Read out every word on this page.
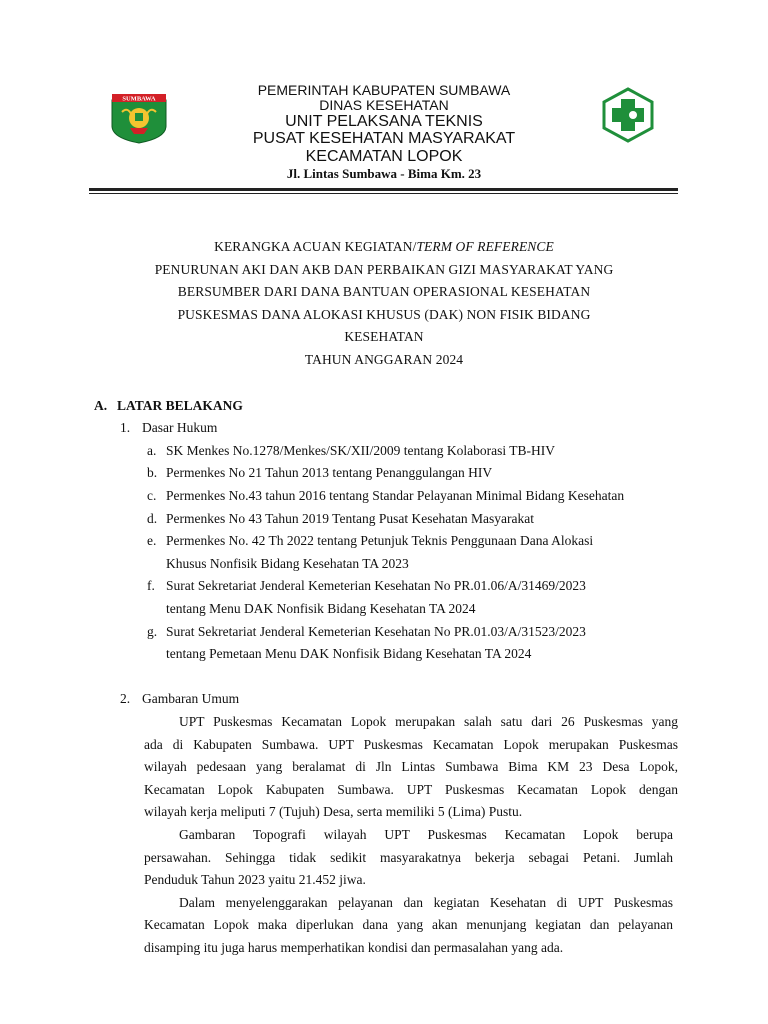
SUMBAWA
PEMERINTAH KABUPATEN SUMBAWA
DINAS KESEHATAN
UNIT PELAKSANA TEKNIS
PUSAT KESEHATAN MASYARAKAT
KECAMATAN LOPOK
Jl. Lintas Sumbawa - Bima Km. 23
KERANGKA ACUAN KEGIATAN/TERM OF REFERENCE
PENURUNAN AKI DAN AKB DAN PERBAIKAN GIZI MASYARAKAT YANG
BERSUMBER DARI DANA BANTUAN OPERASIONAL KESEHATAN
PUSKESMAS DANA ALOKASI KHUSUS (DAK) NON FISIK BIDANG
KESEHATAN
TAHUN ANGGARAN 2024
A. LATAR BELAKANG
1. Dasar Hukum
a. SK Menkes No.1278/Menkes/SK/XII/2009 tentang Kolaborasi TB-HIV
b. Permenkes No 21 Tahun 2013 tentang Penanggulangan HIV
c. Permenkes No.43 tahun 2016 tentang Standar Pelayanan Minimal Bidang Kesehatan
d. Permenkes No 43 Tahun 2019 Tentang Pusat Kesehatan Masyarakat
e. Permenkes No. 42 Th 2022 tentang Petunjuk Teknis Penggunaan Dana Alokasi
Khusus Nonfisik Bidang Kesehatan TA 2023
f. Surat Sekretariat Jenderal Kemeterian Kesehatan No PR.01.06/A/31469/2023
tentang Menu DAK Nonfisik Bidang Kesehatan TA 2024
g. Surat Sekretariat Jenderal Kemeterian Kesehatan No PR.01.03/A/31523/2023
tentang Pemetaan Menu DAK Nonfisik Bidang Kesehatan TA 2024
2. Gambaran Umum
UPT Puskesmas Kecamatan Lopok merupakan salah satu dari 26 Puskesmas yang
ada di Kabupaten Sumbawa. UPT Puskesmas Kecamatan Lopok merupakan Puskesmas
wilayah pedesaan yang beralamat di Jln Lintas Sumbawa Bima KM 23 Desa Lopok,
Kecamatan Lopok Kabupaten Sumbawa. UPT Puskesmas Kecamatan Lopok dengan
wilayah kerja meliputi 7 (Tujuh) Desa, serta memiliki 5 (Lima) Pustu.
Gambaran Topografi wilayah UPT Puskesmas Kecamatan Lopok berupa
persawahan. Sehingga tidak sedikit masyarakatnya bekerja sebagai Petani. Jumlah
Penduduk Tahun 2023 yaitu 21.452 jiwa.
Dalam menyelenggarakan pelayanan dan kegiatan Kesehatan di UPT Puskesmas
Kecamatan Lopok maka diperlukan dana yang akan menunjang kegiatan dan pelayanan
disamping itu juga harus memperhatikan kondisi dan permasalahan yang ada.
